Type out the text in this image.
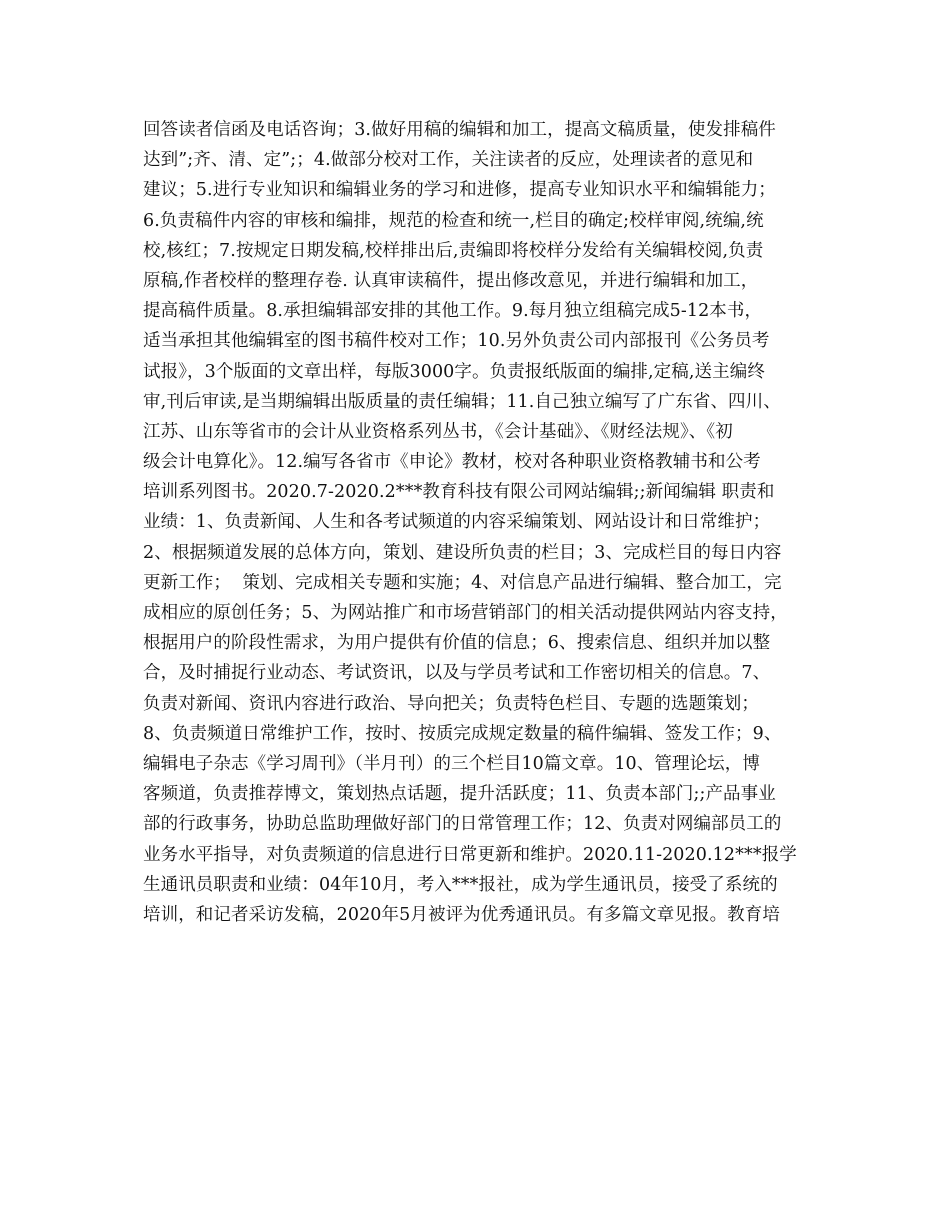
回答读者信函及电话咨询；3.做好用稿的编辑和加工，提高文稿质量，使发排稿件
达到”;齐、清、定”;；4.做部分校对工作，关注读者的反应，处理读者的意见和
建议；5.进行专业知识和编辑业务的学习和进修，提高专业知识水平和编辑能力；
6.负责稿件内容的审核和编排，规范的检查和统一,栏目的确定;校样审阅,统编,统
校,核红；7.按规定日期发稿,校样排出后,责编即将校样分发给有关编辑校阅,负责
原稿,作者校样的整理存卷. 认真审读稿件，提出修改意见，并进行编辑和加工，
提高稿件质量。8.承担编辑部安排的其他工作。9.每月独立组稿完成5-12本书，
适当承担其他编辑室的图书稿件校对工作；10.另外负责公司内部报刊《公务员考
试报》，3个版面的文章出样，每版3000字。负责报纸版面的编排,定稿,送主编终
审,刊后审读,是当期编辑出版质量的责任编辑；11.自己独立编写了广东省、四川、
江苏、山东等省市的会计从业资格系列丛书，《会计基础》、《财经法规》、《初
级会计电算化》。12.编写各省市《申论》教材，校对各种职业资格教辅书和公考
培训系列图书。2020.7-2020.2***教育科技有限公司网站编辑;;新闻编辑 职责和
业绩：1、负责新闻、人生和各考试频道的内容采编策划、网站设计和日常维护；
2、根据频道发展的总体方向，策划、建设所负责的栏目；3、完成栏目的每日内容
更新工作；  策划、完成相关专题和实施；4、对信息产品进行编辑、整合加工，完
成相应的原创任务；5、为网站推广和市场营销部门的相关活动提供网站内容支持，
根据用户的阶段性需求，为用户提供有价值的信息；6、搜索信息、组织并加以整
合，及时捕捉行业动态、考试资讯，以及与学员考试和工作密切相关的信息。7、
负责对新闻、资讯内容进行政治、导向把关；负责特色栏目、专题的选题策划；
8、负责频道日常维护工作，按时、按质完成规定数量的稿件编辑、签发工作；9、
编辑电子杂志《学习周刊》（半月刊）的三个栏目10篇文章。10、管理论坛，博
客频道，负责推荐博文，策划热点话题，提升活跃度；11、负责本部门;;产品事业
部的行政事务，协助总监助理做好部门的日常管理工作；12、负责对网编部员工的
业务水平指导，对负责频道的信息进行日常更新和维护。2020.11-2020.12***报学
生通讯员职责和业绩：04年10月，考入***报社，成为学生通讯员，接受了系统的
培训，和记者采访发稿，2020年5月被评为优秀通讯员。有多篇文章见报。教育培
